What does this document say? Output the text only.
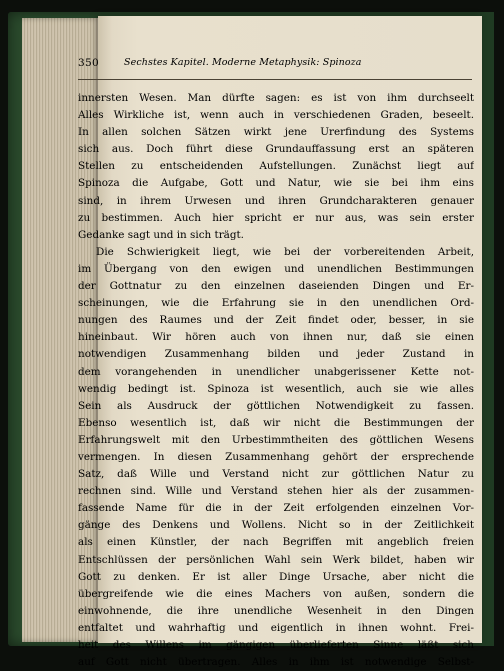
350	Sechstes Kapitel. Moderne Metaphysik: Spinoza
innersten Wesen. Man dürfte sagen: es ist von ihm durchseelt
Alles Wirkliche ist, wenn auch in verschiedenen Graden, beseelt.
In allen solchen Sätzen wirkt jene Urerfindung des Systems
sich aus. Doch führt diese Grundauffassung erst an späteren
Stellen zu entscheidenden Aufstellungen. Zunächst liegt auf
Spinoza die Aufgabe, Gott und Natur, wie sie bei ihm eins
sind, in ihrem Urwesen und ihren Grundcharakteren genauer
zu bestimmen. Auch hier spricht er nur aus, was sein erster
Gedanke sagt und in sich trägt.
Die Schwierigkeit liegt, wie bei der vorbereitenden Arbeit,
im Übergang von den ewigen und unendlichen Bestimmungen
der Gottnatur zu den einzelnen daseienden Dingen und Er-
scheinungen, wie die Erfahrung sie in den unendlichen Ord-
nungen des Raumes und der Zeit findet oder, besser, in sie
hineinbaut. Wir hören auch von ihnen nur, daß sie einen
notwendigen Zusammenhang bilden und jeder Zustand in
dem vorangehenden in unendlicher unabgerissener Kette not-
wendig bedingt ist. Spinoza ist wesentlich, auch sie wie alles
Sein als Ausdruck der göttlichen Notwendigkeit zu fassen.
Ebenso wesentlich ist, daß wir nicht die Bestimmungen der
Erfahrungswelt mit den Urbestimmtheiten des göttlichen Wesens
vermengen. In diesen Zusammenhang gehört der ersprechende
Satz, daß Wille und Verstand nicht zur göttlichen Natur zu
rechnen sind. Wille und Verstand stehen hier als der zusammen-
fassende Name für die in der Zeit erfolgenden einzelnen Vor-
gänge des Denkens und Wollens. Nicht so in der Zeitlichkeit
als einen Künstler, der nach Begriffen mit angeblich freien
Entschlüssen der persönlichen Wahl sein Werk bildet, haben wir
Gott zu denken. Er ist aller Dinge Ursache, aber nicht die
übergreifende wie die eines Machers von außen, sondern die
einwohnende, die ihre unendliche Wesenheit in den Dingen
entfaltet und wahrhaftig und eigentlich in ihnen wohnt. Frei-
heit des Willens im gängigen überlieferten Sinne läßt sich
auf Gott nicht übertragen. Alles in ihm ist notwendige Selbst-
